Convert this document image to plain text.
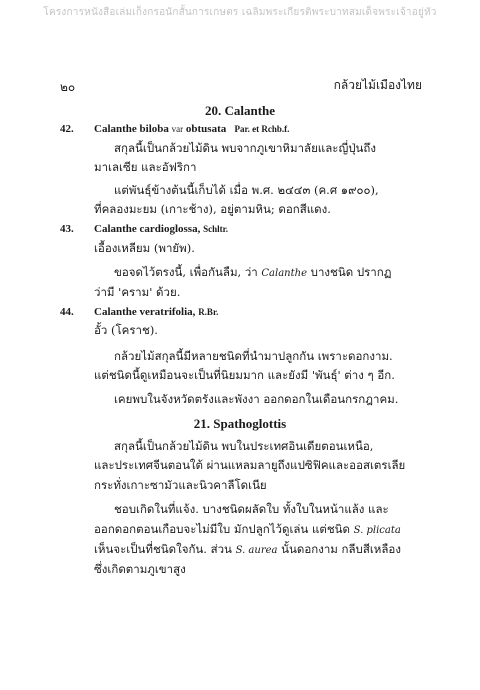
โครงการหนังสือเล่มเก็งกรอนักสั้นการเกษตร เฉลิมพระเกียรติพระบาทสมเด็จพระเจ้าอยู่หัว
๒๐	กล้วยไม้เมืองไทย
20. Calanthe
42. Calanthe biloba var obtusata Par. et Rchb.f.
สกุลนี้เป็นกล้วยไม้ดิน พบจากภูเขาหิมาลัยและญี่ปุ่นถึง
มาเลเซีย และอัฟริกา
แต่พันธุ์ข้างต้นนี้เก็บได้ เมื่อ พ.ศ. ๒๔๔๓ (ค.ศ ๑๙๐๐),
ที่คลองมะยม (เกาะช้าง), อยู่ตามหิน; ดอกสีแดง.
43. Calanthe cardioglossa, Schltr.
เอื้องเหลียม (พายัพ).
ขอจดไว้ตรงนี้, เพื่อกันลืม, ว่า Calanthe บางชนิด ปรากฏ
ว่ามี 'คราม' ด้วย.
44. Calanthe veratrifolia, R.Br.
อั้ว (โคราช).
กล้วยไม้สกุลนี้มีหลายชนิดที่นำมาปลูกกัน เพราะดอกงาม.
แต่ชนิดนี้ดูเหมือนจะเป็นที่นิยมมาก และยังมี 'พันธุ์' ต่าง ๆ อีก.
เคยพบในจังหวัดตรังและพังงา ออกดอกในเดือนกรกฎาคม.
21. Spathoglottis
สกุลนี้เป็นกล้วยไม้ดิน พบในประเทศอินเดียตอนเหนือ,
และประเทศจีนตอนใต้ ผ่านแหลมลายูถึงแปซิฟิคและออสเตรเลีย
กระทั่งเกาะซามัวและนิวคาลีโดเนีย
ชอบเกิดในที่แจ้ง. บางชนิดผลัดใบ ทั้งใบในหน้าแล้ง และ
ออกดอกตอนเกือบจะไม่มีใบ มักปลูกไว้ดูเล่น แต่ชนิด S. plicata
เห็นจะเป็นที่ชนิดใจกัน. ส่วน S. aurea นั้นดอกงาม กลีบสีเหลือง
ซึ่งเกิดตามภูเขาสูง
